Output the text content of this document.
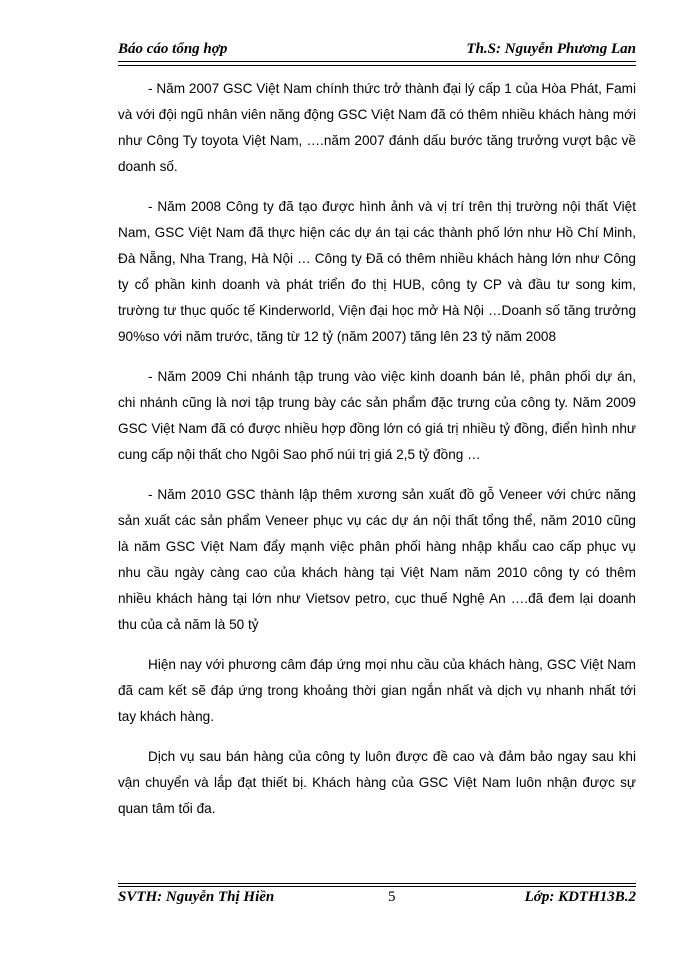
Báo cáo tổng hợp	Th.S: Nguyễn Phương Lan

- Năm 2007 GSC Việt Nam chính thức trở thành đại lý cấp 1 của Hòa Phát, Fami và với đội ngũ nhân viên năng động GSC Việt Nam đã có thêm nhiều khách hàng mới như Công Ty toyota Việt Nam, ….năm 2007 đánh dấu bước tăng trưởng vượt bậc về doanh số.

- Năm 2008 Công ty đã tạo được hình ảnh và vị trí trên thị trường nội thất Việt Nam, GSC Việt Nam đã thực hiện các dự án tại các thành phố lớn như Hồ Chí Minh, Đà Nẵng, Nha Trang, Hà Nội … Công ty Đã có thêm nhiều khách hàng lớn như Công ty cổ phần kinh doanh và phát triển đo thị HUB, công ty CP và đầu tư song kim, trường tư thục quốc tế Kinderworld, Viện đại học mở Hà Nội …Doanh số tăng trưởng 90%so với năm trước, tăng từ 12 tỷ (năm 2007) tăng lên 23 tỷ năm 2008

- Năm 2009 Chi nhánh tập trung vào việc kinh doanh bán lẻ, phân phối dự án, chi nhánh cũng là nơi tập trung bày các sản phẩm đặc trưng của công ty. Năm 2009 GSC Việt Nam đã có được nhiều hợp đồng lớn có giá trị nhiều tỷ đồng, điển hình như cung cấp nội thất cho Ngôi Sao phố núi trị giá 2,5 tỷ đồng …

- Năm 2010 GSC thành lập thêm xương sản xuất đồ gỗ Veneer với chức năng sản xuất các sản phẩm Veneer phục vụ các dự án nội thất tổng thể, năm 2010 cũng là năm GSC Việt Nam đẩy mạnh việc phân phối hàng nhập khẩu cao cấp phục vụ nhu cầu ngày càng cao của khách hàng tại Việt Nam năm 2010 công ty có thêm nhiều khách hàng tại lớn như Vietsov petro, cục thuế Nghệ An ….đã đem lại doanh thu của cả năm là 50 tỷ

Hiện nay với phương câm đáp ứng mọi nhu cầu của khách hàng, GSC Việt Nam đã cam kết sẽ đáp ứng trong khoảng thời gian ngắn nhất và dịch vụ nhanh nhất tới tay khách hàng.

Dịch vụ sau bán hàng của công ty luôn được đề cao và đảm bảo ngay sau khi vận chuyển và lắp đạt thiết bị. Khách hàng của GSC Việt Nam luôn nhận được sự quan tâm tối đa.

SVTH: Nguyễn Thị Hiền	5	Lớp: KDTH13B.2
